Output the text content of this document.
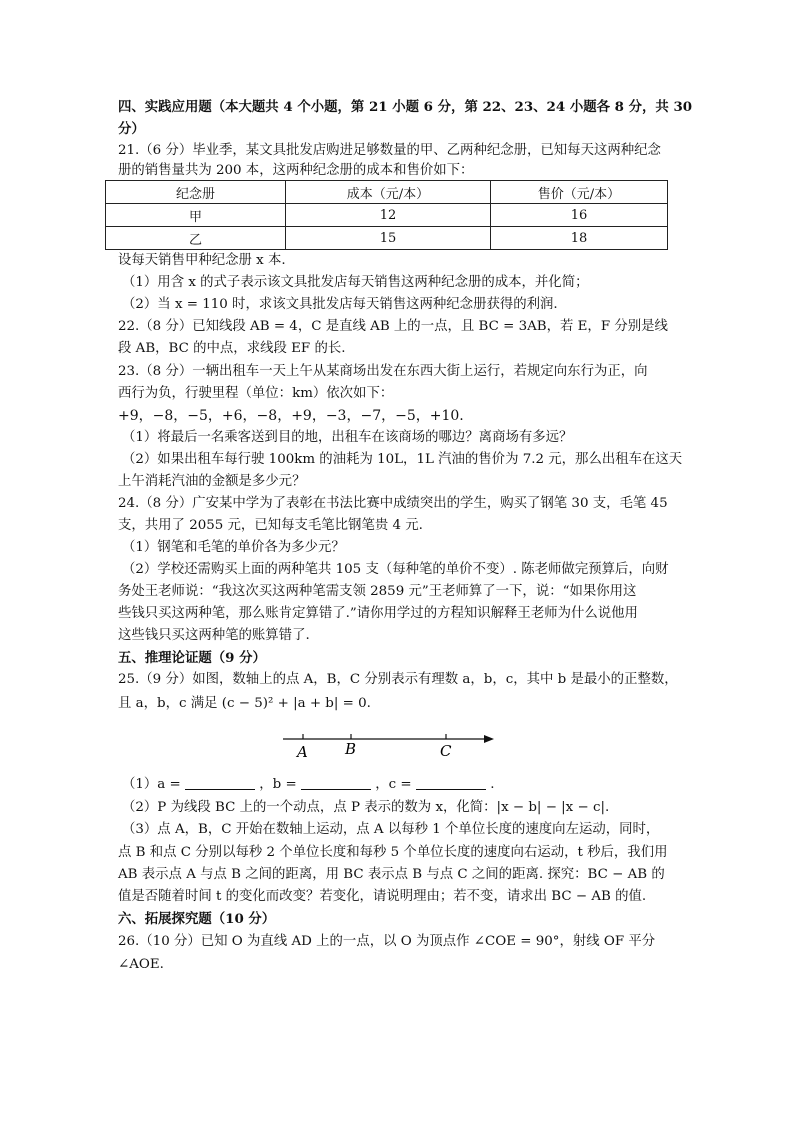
四、实践应用题（本大题共 4 个小题，第 21 小题 6 分，第 22、23、24 小题各 8 分，共 30
分）
21.（6 分）毕业季，某文具批发店购进足够数量的甲、乙两种纪念册，已知每天这两种纪念
册的销售量共为 200 本，这两种纪念册的成本和售价如下：
纪念册	成本（元/本）	售价（元/本）
甲	12	16
乙	15	18
设每天销售甲种纪念册 x 本.
（1）用含 x 的式子表示该文具批发店每天销售这两种纪念册的成本，并化简；
（2）当 x = 110 时，求该文具批发店每天销售这两种纪念册获得的利润.
22.（8 分）已知线段 AB = 4，C 是直线 AB 上的一点，且 BC = 3AB，若 E，F 分别是线
段 AB，BC 的中点，求线段 EF 的长.
23.（8 分）一辆出租车一天上午从某商场出发在东西大街上运行，若规定向东行为正，向
西行为负，行驶里程（单位：km）依次如下：
+9，−8，−5，+6，−8，+9，−3，−7，−5，+10.
（1）将最后一名乘客送到目的地，出租车在该商场的哪边？离商场有多远？
（2）如果出租车每行驶 100km 的油耗为 10L，1L 汽油的售价为 7.2 元，那么出租车在这天
上午消耗汽油的金额是多少元？
24.（8 分）广安某中学为了表彰在书法比赛中成绩突出的学生，购买了钢笔 30 支，毛笔 45
支，共用了 2055 元，已知每支毛笔比钢笔贵 4 元.
（1）钢笔和毛笔的单价各为多少元？
（2）学校还需购买上面的两种笔共 105 支（每种笔的单价不变）. 陈老师做完预算后，向财
务处王老师说：“我这次买这两种笔需支领 2859 元”王老师算了一下，说：“如果你用这
些钱只买这两种笔，那么账肯定算错了.”请你用学过的方程知识解释王老师为什么说他用
这些钱只买这两种笔的账算错了.
五、推理论证题（9 分）
25.（9 分）如图，数轴上的点 A，B，C 分别表示有理数 a，b，c，其中 b 是最小的正整数，
且 a，b，c 满足 (c − 5)² + |a + b| = 0.
A B	C
（1）a =	，b =	，c =	.
（2）P 为线段 BC 上的一个动点，点 P 表示的数为 x，化简：|x − b| − |x − c|.
（3）点 A，B，C 开始在数轴上运动，点 A 以每秒 1 个单位长度的速度向左运动，同时，
点 B 和点 C 分别以每秒 2 个单位长度和每秒 5 个单位长度的速度向右运动，t 秒后，我们用
AB 表示点 A 与点 B 之间的距离，用 BC 表示点 B 与点 C 之间的距离. 探究：BC − AB 的
值是否随着时间 t 的变化而改变？若变化，请说明理由；若不变，请求出 BC − AB 的值.
六、拓展探究题（10 分）
26.（10 分）已知 O 为直线 AD 上的一点，以 O 为顶点作 ∠COE = 90°，射线 OF 平分
∠AOE.
